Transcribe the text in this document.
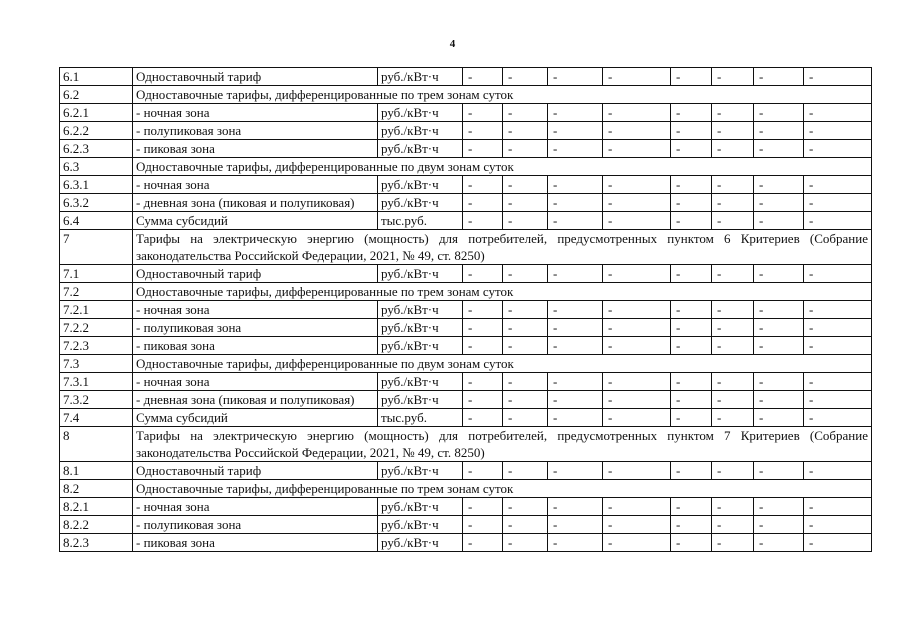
4
6.1	Одноставочный тариф	руб./кВт·ч	-	-	-	-	-	-	-	-
6.2	Одноставочные тарифы, дифференцированные по трем зонам суток									
6.2.1	- ночная зона	руб./кВт·ч	-	-	-	-	-	-	-	-
6.2.2	- полупиковая зона	руб./кВт·ч	-	-	-	-	-	-	-	-
6.2.3	- пиковая зона	руб./кВт·ч	-	-	-	-	-	-	-	-
6.3	Одноставочные тарифы, дифференцированные по двум зонам суток									
6.3.1	- ночная зона	руб./кВт·ч	-	-	-	-	-	-	-	-
6.3.2	- дневная зона (пиковая и полупиковая)	руб./кВт·ч	-	-	-	-	-	-	-	-
6.4	Сумма субсидий	тыс.руб.	-	-	-	-	-	-	-	-
7	Тарифы на электрическую энергию (мощность) для потребителей, предусмотренных пунктом 6 Критериев (Собрание законодательства Российской Федерации, 2021, № 49, ст. 8250)									
7.1	Одноставочный тариф	руб./кВт·ч	-	-	-	-	-	-	-	-
7.2	Одноставочные тарифы, дифференцированные по трем зонам суток									
7.2.1	- ночная зона	руб./кВт·ч	-	-	-	-	-	-	-	-
7.2.2	- полупиковая зона	руб./кВт·ч	-	-	-	-	-	-	-	-
7.2.3	- пиковая зона	руб./кВт·ч	-	-	-	-	-	-	-	-
7.3	Одноставочные тарифы, дифференцированные по двум зонам суток									
7.3.1	- ночная зона	руб./кВт·ч	-	-	-	-	-	-	-	-
7.3.2	- дневная зона (пиковая и полупиковая)	руб./кВт·ч	-	-	-	-	-	-	-	-
7.4	Сумма субсидий	тыс.руб.	-	-	-	-	-	-	-	-
8	Тарифы на электрическую энергию (мощность) для потребителей, предусмотренных пунктом 7 Критериев (Собрание законодательства Российской Федерации, 2021, № 49, ст. 8250)									
8.1	Одноставочный тариф	руб./кВт·ч	-	-	-	-	-	-	-	-
8.2	Одноставочные тарифы, дифференцированные по трем зонам суток									
8.2.1	- ночная зона	руб./кВт·ч	-	-	-	-	-	-	-	-
8.2.2	- полупиковая зона	руб./кВт·ч	-	-	-	-	-	-	-	-
8.2.3	- пиковая зона	руб./кВт·ч	-	-	-	-	-	-	-	-
